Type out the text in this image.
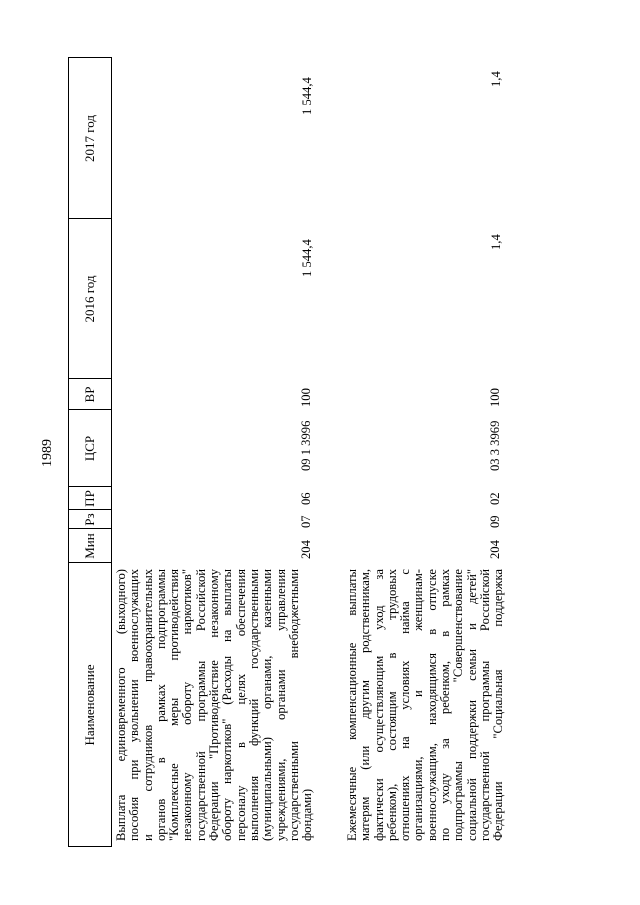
1989
Наименование
Мин
Рз
ПР
ЦСР
ВР
2016 год
2017 год
Выплата единовременного (выходного) пособия при увольнении военнослужащих и сотрудников правоохранительных органов в рамках подпрограммы "Комплексные меры противодействия незаконному обороту наркотиков" государственной программы Российской Федерации "Противодействие незаконному обороту наркотиков" (Расходы на выплаты персоналу в целях обеспечения выполнения функций государственными (муниципальными) органами, казенными учреждениями, органами управления государственными внебюджетными фондами)
204
07
06
09 1 3996
100
1 544,4
1 544,4
Ежемесячные компенсационные выплаты матерям (или другим родственникам, фактически осуществляющим уход за ребенком), состоящим в трудовых отношениях на условиях найма с организациями, и женщинам- военнослужащим, находящимся в отпуске по уходу за ребенком, в рамках подпрограммы "Совершенствование социальной поддержки семьи и детей" государственной программы Российской Федерации "Социальная поддержка
204
09
02
03 3 3969
100
1,4
1,4
